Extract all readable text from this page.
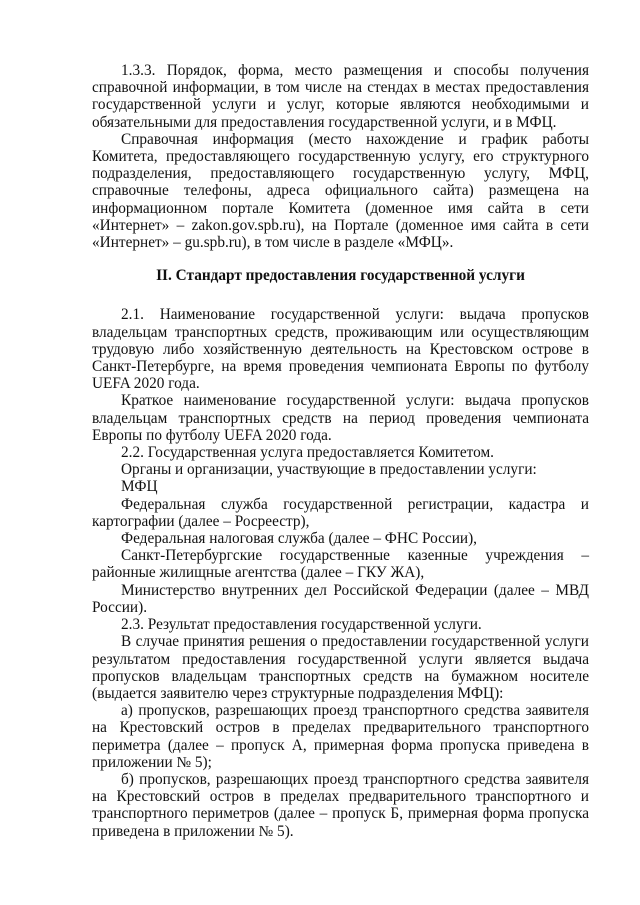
1.3.3. Порядок, форма, место размещения и способы получения справочной информации, в том числе на стендах в местах предоставления государственной услуги и услуг, которые являются необходимыми и обязательными для предоставления государственной услуги, и в МФЦ.

Справочная информация (место нахождение и график работы Комитета, предоставляющего государственную услугу, его структурного подразделения, предоставляющего государственную услугу, МФЦ, справочные телефоны, адреса официального сайта) размещена на информационном портале Комитета (доменное имя сайта в сети «Интернет» – zakon.gov.spb.ru), на Портале (доменное имя сайта в сети «Интернет» – gu.spb.ru), в том числе в разделе «МФЦ».

II. Стандарт предоставления государственной услуги

2.1. Наименование государственной услуги: выдача пропусков владельцам транспортных средств, проживающим или осуществляющим трудовую либо хозяйственную деятельность на Крестовском острове в Санкт-Петербурге, на время проведения чемпионата Европы по футболу UEFA 2020 года.

Краткое наименование государственной услуги: выдача пропусков владельцам транспортных средств на период проведения чемпионата Европы по футболу UEFA 2020 года.

2.2. Государственная услуга предоставляется Комитетом.

Органы и организации, участвующие в предоставлении услуги:

МФЦ

Федеральная служба государственной регистрации, кадастра и картографии (далее – Росреестр),

Федеральная налоговая служба (далее – ФНС России),

Санкт-Петербургские государственные казенные учреждения – районные жилищные агентства (далее – ГКУ ЖА),

Министерство внутренних дел Российской Федерации (далее – МВД России).

2.3. Результат предоставления государственной услуги.

В случае принятия решения о предоставлении государственной услуги результатом предоставления государственной услуги является выдача пропусков владельцам транспортных средств на бумажном носителе (выдается заявителю через структурные подразделения МФЦ):

а) пропусков, разрешающих проезд транспортного средства заявителя на Крестовский остров в пределах предварительного транспортного периметра (далее – пропуск А, примерная форма пропуска приведена в приложении № 5);

б) пропусков, разрешающих проезд транспортного средства заявителя на Крестовский остров в пределах предварительного транспортного и транспортного периметров (далее – пропуск Б, примерная форма пропуска приведена в приложении № 5).
